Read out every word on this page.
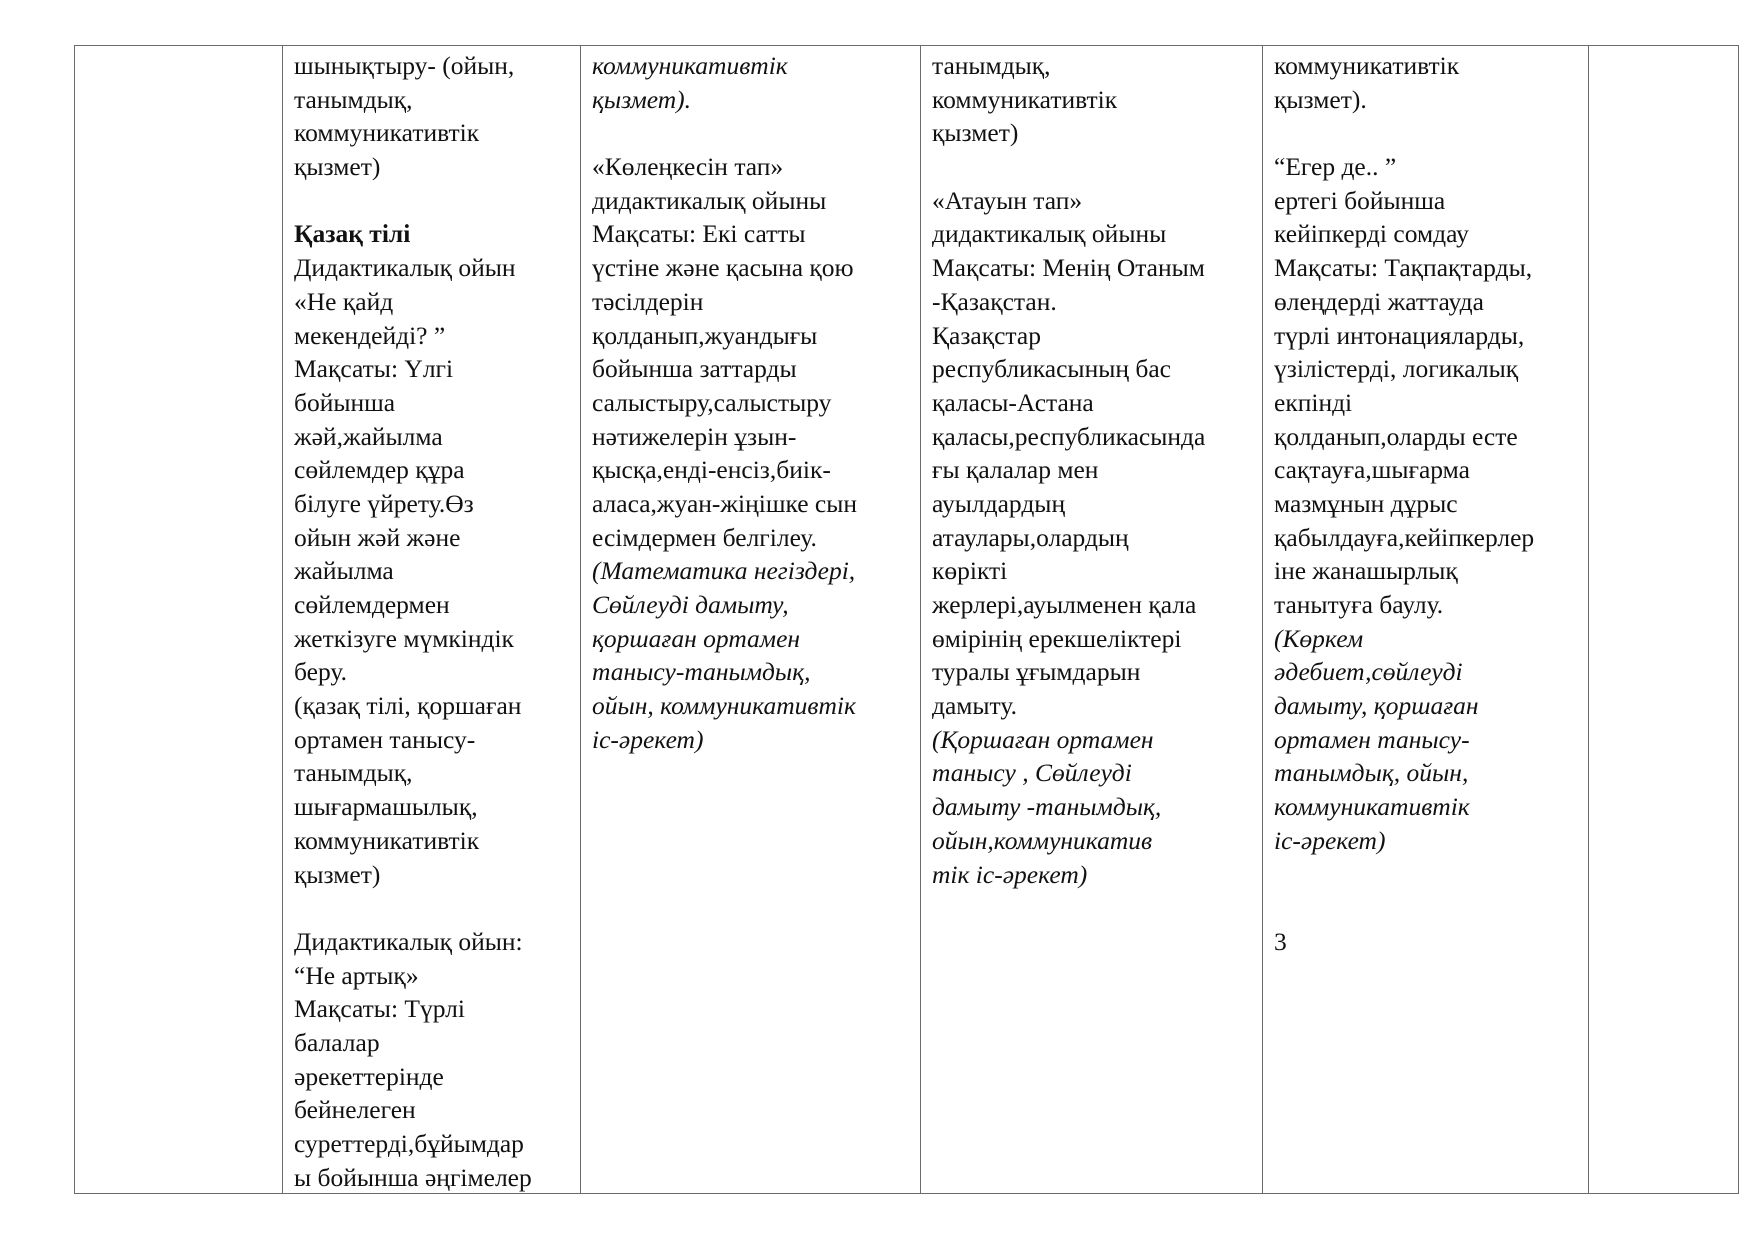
шынықтыру- (ойын,
танымдық,
коммуникативтік
қызмет)
Қазақ тілі
Дидактикалық ойын
«Не қайд
мекендейді? ”
Мақсаты: Үлгі
бойынша
жәй,жайылма
сөйлемдер құра
білуге үйрету.Өз
ойын жәй және
жайылма
сөйлемдермен
жеткізуге мүмкіндік
беру.
(қазақ тілі, қоршаған
ортамен танысу-
танымдық,
шығармашылық,
коммуникативтік
қызмет)
Дидактикалық ойын:
“Не артық»
Мақсаты: Түрлі
балалар
әрекеттерінде
бейнелеген
суреттерді,бұйымдар
ы бойынша әңгімелер
коммуникативтік
қызмет).
«Көлеңкесін тап»
дидактикалық ойыны
Мақсаты: Екі сатты
үстіне және қасына қою
тәсілдерін
қолданып,жуандығы
бойынша заттарды
салыстыру,салыстыру
нәтижелерін ұзын-
қысқа,енді-енсіз,биік-
аласа,жуан-жіңішке сын
есімдермен белгілеу.
(Математика негіздері,
Сөйлеуді дамыту,
қоршаған ортамен
танысу-танымдық,
ойын, коммуникативтік
іс-әрекет)
танымдық,
коммуникативтік
қызмет)
«Атауын тап»
дидактикалық ойыны
Мақсаты: Менің Отаным
-Қазақстан.
Қазақстар
республикасының бас
қаласы-Астана
қаласы,республикасында
ғы қалалар мен
ауылдардың
атаулары,олардың
көрікті
жерлері,ауылменен қала
өмірінің ерекшеліктері
туралы ұғымдарын
дамыту.
(Қоршаған ортамен
танысу , Сөйлеуді
дамыту -танымдық,
ойын,коммуникатив
тік іс-әрекет)
коммуникативтік
қызмет).
“Егер де.. ”
ертегі бойынша
кейіпкерді сомдау
Мақсаты: Тақпақтарды,
өлеңдерді жаттауда
түрлі интонацияларды,
үзілістерді, логикалық
екпінді
қолданып,оларды есте
сақтауға,шығарма
мазмұнын дұрыс
қабылдауға,кейіпкерлер
іне жанашырлық
танытуға баулу.
(Көркем
әдебиет,сөйлеуді
дамыту, қоршаған
ортамен танысу-
танымдық, ойын,
коммуникативтік
іс-әрекет)
3
